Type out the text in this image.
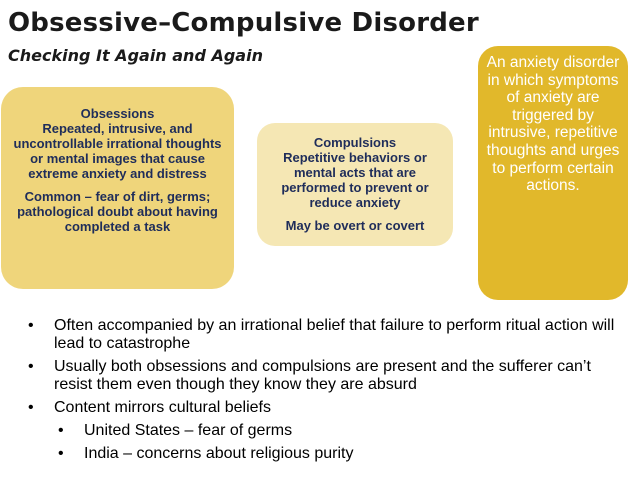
Obsessive–Compulsive Disorder
Checking It Again and Again
Obsessions
Repeated, intrusive, and uncontrollable irrational thoughts or mental images that cause extreme anxiety and distress
Common – fear of dirt, germs; pathological doubt about having completed a task
Compulsions
Repetitive behaviors or mental acts that are performed to prevent or reduce anxiety
May be overt or covert
An anxiety disorder in which symptoms of anxiety are triggered by intrusive, repetitive thoughts and urges to perform certain actions.
• Often accompanied by an irrational belief that failure to perform ritual action will lead to catastrophe
• Usually both obsessions and compulsions are present and the sufferer can’t resist them even though they know they are absurd
• Content mirrors cultural beliefs
• United States – fear of germs
• India – concerns about religious purity
